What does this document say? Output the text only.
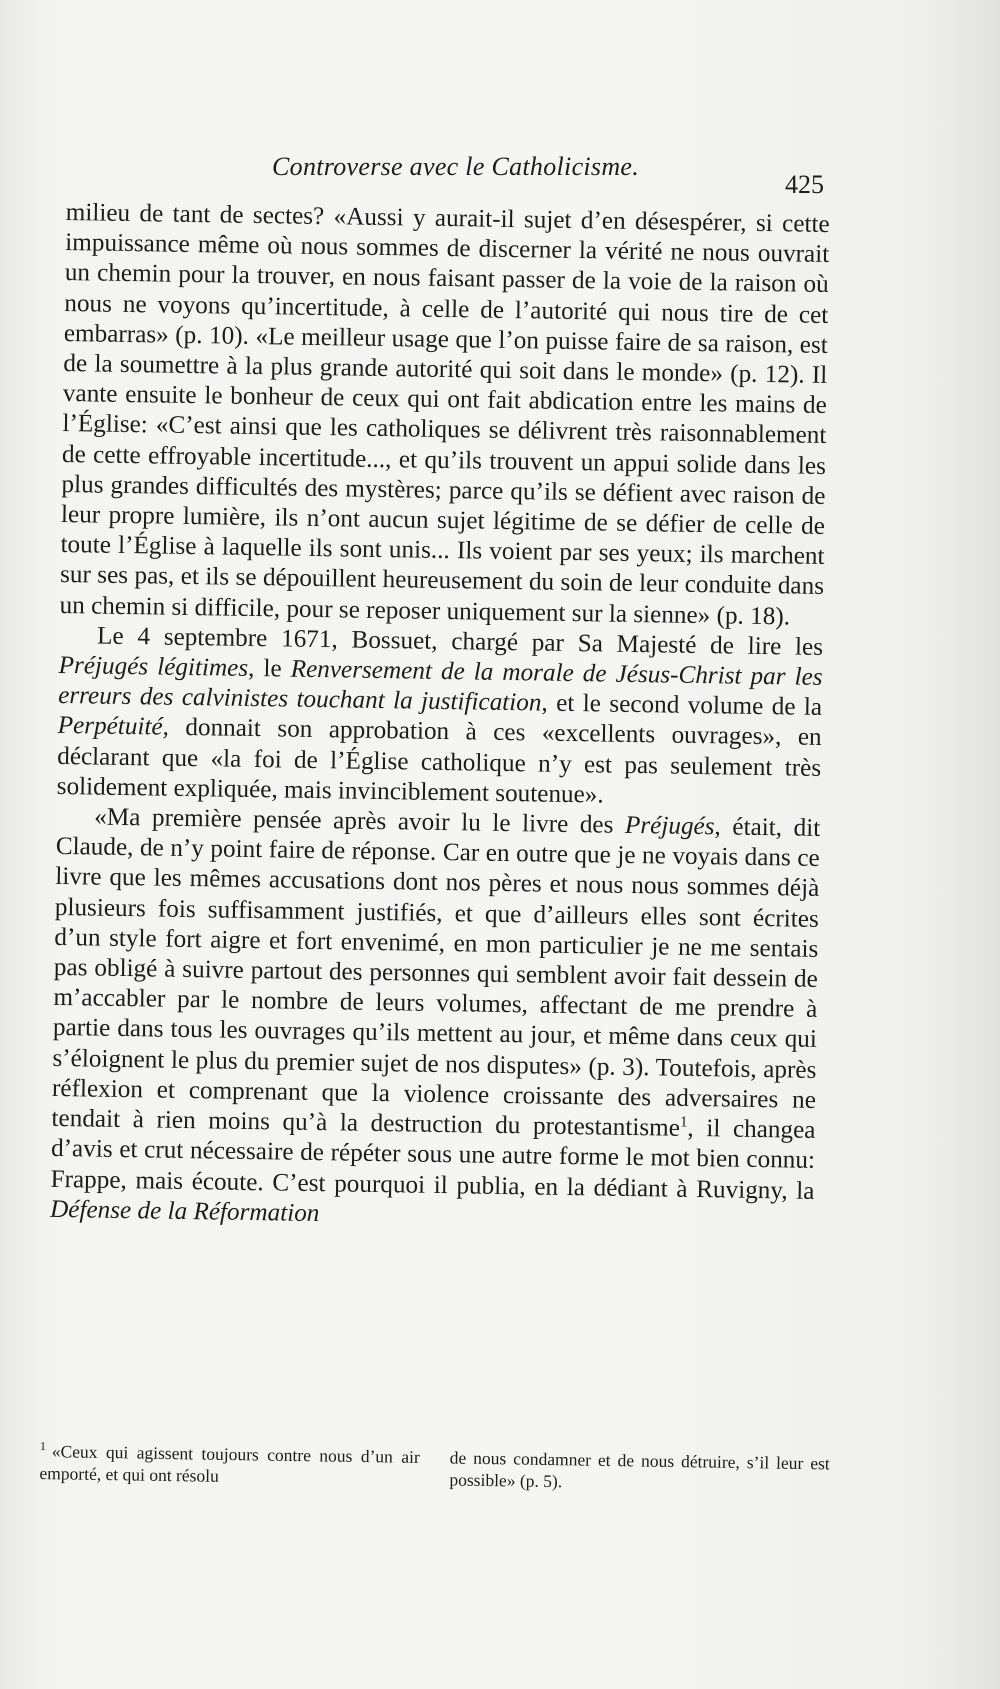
Controverse avec le Catholicisme.
425

milieu de tant de sectes? «Aussi y aurait-il sujet d’en désespérer, si cette impuissance même où nous sommes de discerner la vérité ne nous ouvrait un chemin pour la trouver, en nous faisant passer de la voie de la raison où nous ne voyons qu’incertitude, à celle de l’autorité qui nous tire de cet embarras» (p. 10). «Le meilleur usage que l’on puisse faire de sa raison, est de la soumettre à la plus grande autorité qui soit dans le monde» (p. 12). Il vante ensuite le bonheur de ceux qui ont fait abdication entre les mains de l’Église: «C’est ainsi que les catholiques se délivrent très raisonnablement de cette effroyable incertitude..., et qu’ils trouvent un appui solide dans les plus grandes difficultés des mystères; parce qu’ils se défient avec raison de leur propre lumière, ils n’ont aucun sujet légitime de se défier de celle de toute l’Église à laquelle ils sont unis... Ils voient par ses yeux; ils marchent sur ses pas, et ils se dépouillent heureusement du soin de leur conduite dans un chemin si difficile, pour se reposer uniquement sur la sienne» (p. 18).

Le 4 septembre 1671, Bossuet, chargé par Sa Majesté de lire les Préjugés légitimes, le Renversement de la morale de Jésus-Christ par les erreurs des calvinistes touchant la justification, et le second volume de la Perpétuité, donnait son approbation à ces «excellents ouvrages», en déclarant que «la foi de l’Église catholique n’y est pas seulement très solidement expliquée, mais invinciblement soutenue».

«Ma première pensée après avoir lu le livre des Préjugés, était, dit Claude, de n’y point faire de réponse. Car en outre que je ne voyais dans ce livre que les mêmes accusations dont nos pères et nous nous sommes déjà plusieurs fois suffisamment justifiés, et que d’ailleurs elles sont écrites d’un style fort aigre et fort envenimé, en mon particulier je ne me sentais pas obligé à suivre partout des personnes qui semblent avoir fait dessein de m’accabler par le nombre de leurs volumes, affectant de me prendre à partie dans tous les ouvrages qu’ils mettent au jour, et même dans ceux qui s’éloignent le plus du premier sujet de nos disputes» (p. 3). Toutefois, après réflexion et comprenant que la violence croissante des adversaires ne tendait à rien moins qu’à la destruction du protestantisme$^1$, il changea d’avis et crut nécessaire de répéter sous une autre forme le mot bien connu: Frappe, mais écoute. C’est pourquoi il publia, en la dédiant à Ruvigny, la Défense de la Réformation

$^1$ «Ceux qui agissent toujours contre nous d’un air emporté, et qui ont résolu
de nous condamner et de nous détruire, s’il leur est possible» (p. 5).
